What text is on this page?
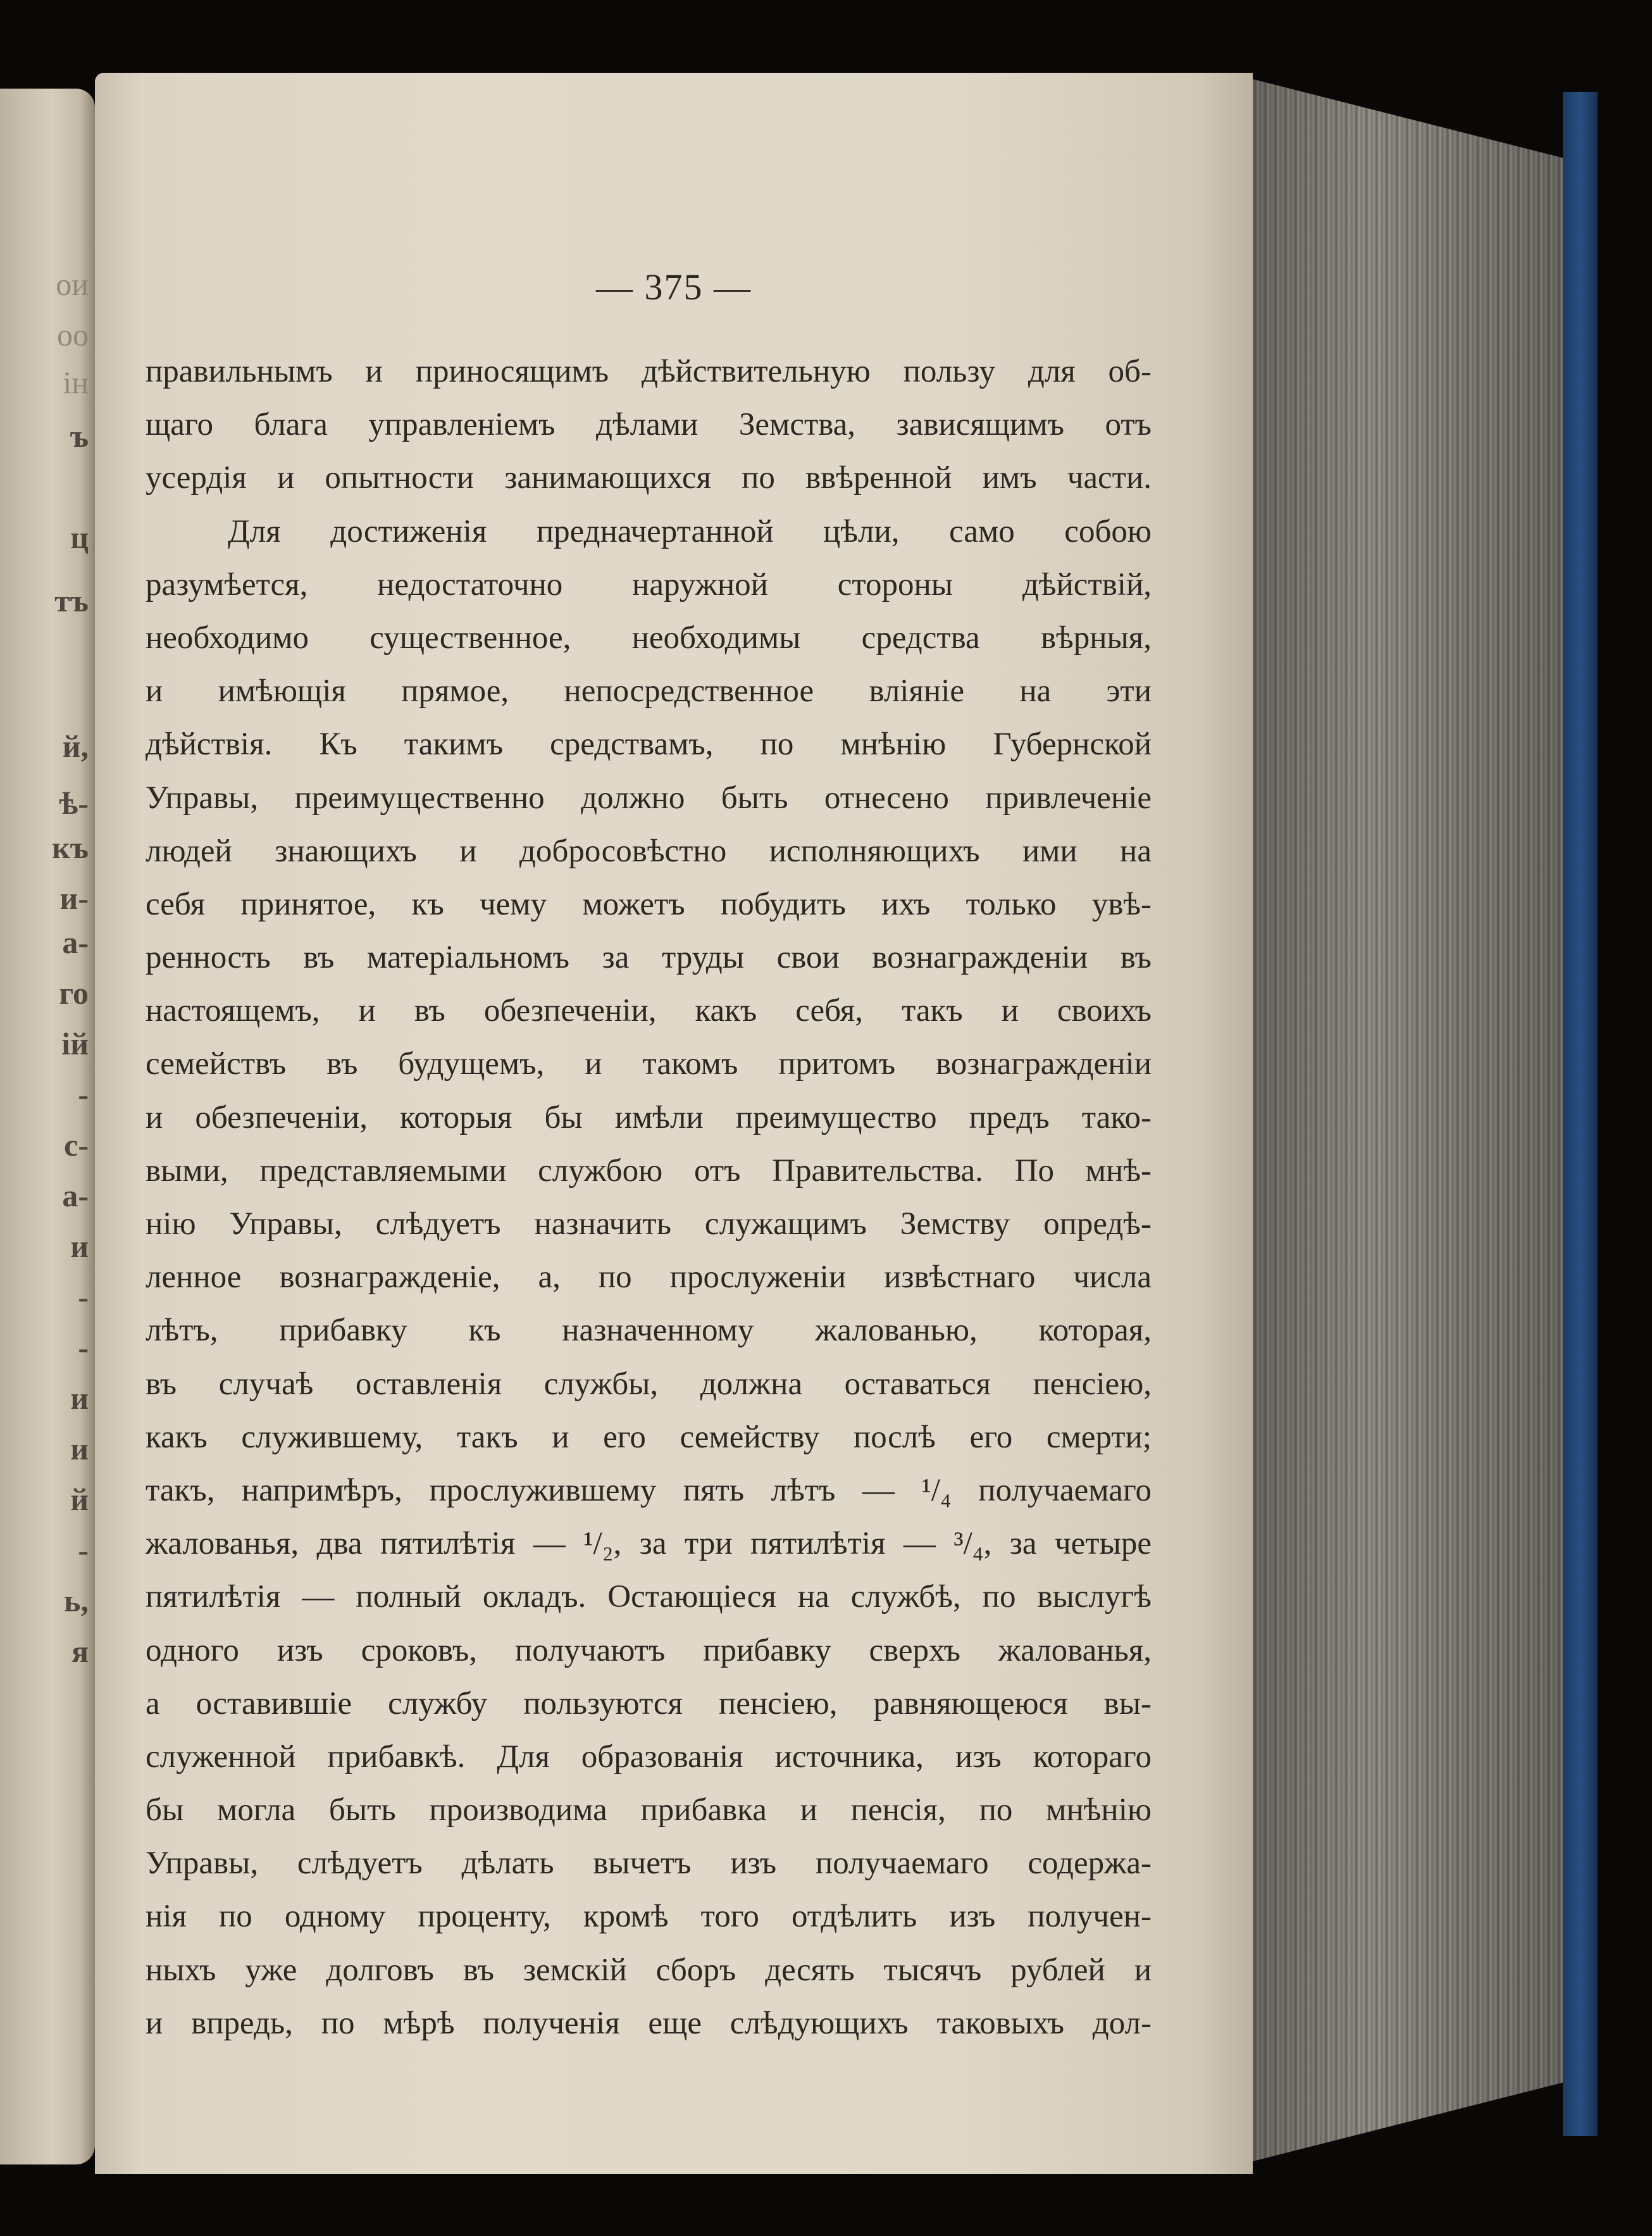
ои
оо
ін
ъ
ц
тъ
й,
ѣ-
къ
и-
а-
го
ій
-
с-
а-
и
-
-
и
и
й
-
ь,
я
— 375 —
правильнымъ и приносящимъ дѣйствительную пользу для об-
щаго блага управленіемъ дѣлами Земства, зависящимъ отъ
усердія и опытности занимающихся по ввѣренной имъ части.
Для достиженія предначертанной цѣли, само собою
разумѣется, недостаточно наружной стороны дѣйствій,
необходимо существенное, необходимы средства вѣрныя,
и имѣющія прямое, непосредственное вліяніе на эти
дѣйствія. Къ такимъ средствамъ, по мнѣнію Губернской
Управы, преимущественно должно быть отнесено привлеченіе
людей знающихъ и добросовѣстно исполняющихъ ими на
себя принятое, къ чему можетъ побудить ихъ только увѣ-
ренность въ матеріальномъ за труды свои вознагражденіи въ
настоящемъ, и въ обезпеченіи, какъ себя, такъ и своихъ
семействъ въ будущемъ, и такомъ притомъ вознагражденіи
и обезпеченіи, которыя бы имѣли преимущество предъ тако-
выми, представляемыми службою отъ Правительства. По мнѣ-
нію Управы, слѣдуетъ назначить служащимъ Земству опредѣ-
ленное вознагражденіе, а, по прослуженіи извѣстнаго числа
лѣтъ, прибавку къ назначенному жалованью, которая,
въ случаѣ оставленія службы, должна оставаться пенсіею,
какъ служившему, такъ и его семейству послѣ его смерти;
такъ, напримѣръ, прослужившему пять лѣтъ — ¹/₄ получаемаго
жалованья, два пятилѣтія — ¹/₂, за три пятилѣтія — ³/₄, за четыре
пятилѣтія — полный окладъ. Остающіеся на службѣ, по выслугѣ
одного изъ сроковъ, получаютъ прибавку сверхъ жалованья,
а оставившіе службу пользуются пенсіею, равняющеюся вы-
служенной прибавкѣ. Для образованія источника, изъ котораго
бы могла быть производима прибавка и пенсія, по мнѣнію
Управы, слѣдуетъ дѣлать вычетъ изъ получаемаго содержа-
нія по одному проценту, кромѣ того отдѣлить изъ получен-
ныхъ уже долговъ въ земскій сборъ десять тысячъ рублей и
и впредь, по мѣрѣ полученія еще слѣдующихъ таковыхъ дол-
